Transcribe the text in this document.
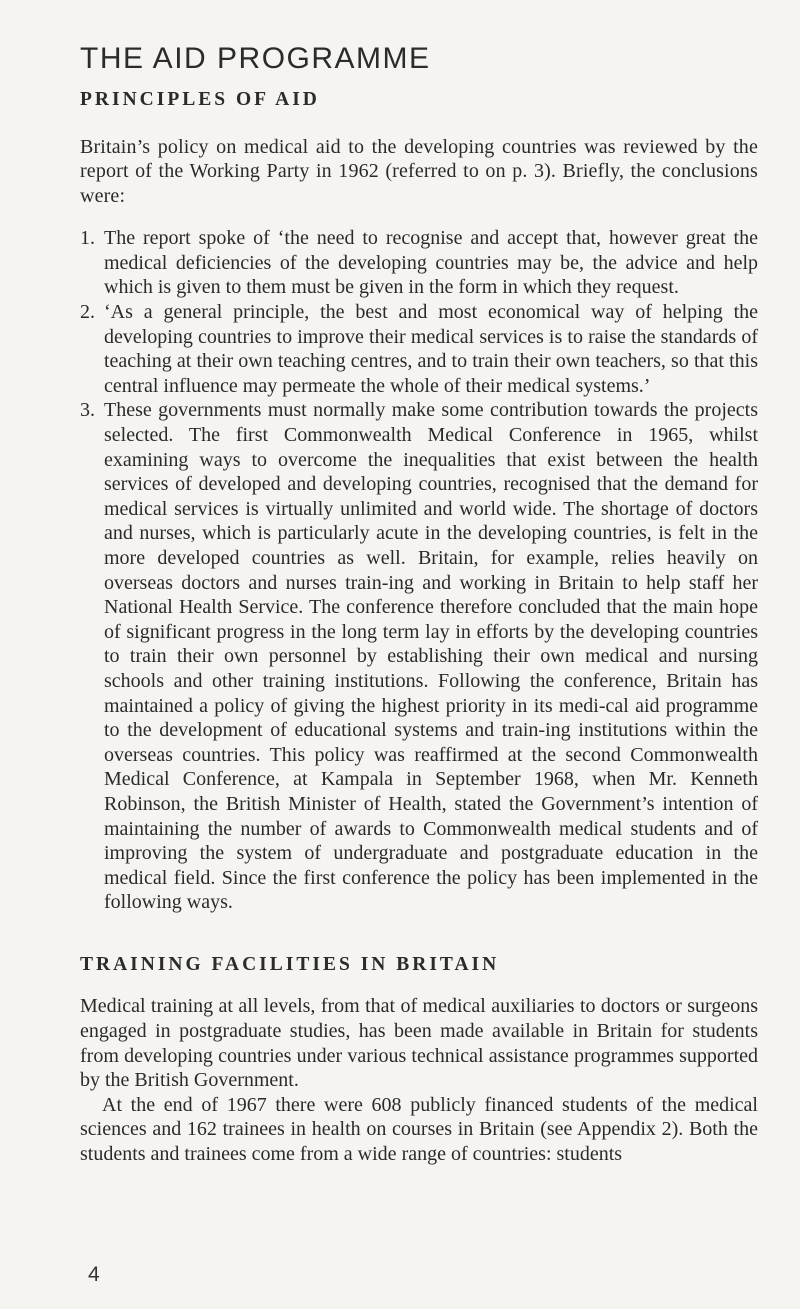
THE AID PROGRAMME
PRINCIPLES OF AID

Britain’s policy on medical aid to the developing countries was reviewed by the report of the Working Party in 1962 (referred to on p. 3). Briefly, the conclusions were:

1. The report spoke of ‘the need to recognise and accept that, however great the medical deficiencies of the developing countries may be, the advice and help which is given to them must be given in the form in which they request.
2. ‘As a general principle, the best and most economical way of helping the developing countries to improve their medical services is to raise the standards of teaching at their own teaching centres, and to train their own teachers, so that this central influence may permeate the whole of their medical systems.’
3. These governments must normally make some contribution towards the projects selected. The first Commonwealth Medical Conference in 1965, whilst examining ways to overcome the inequalities that exist between the health services of developed and developing countries, recognised that the demand for medical services is virtually unlimited and world wide. The shortage of doctors and nurses, which is particularly acute in the developing countries, is felt in the more developed countries as well. Britain, for example, relies heavily on overseas doctors and nurses train-ing and working in Britain to help staff her National Health Service. The conference therefore concluded that the main hope of significant progress in the long term lay in efforts by the developing countries to train their own personnel by establishing their own medical and nursing schools and other training institutions. Following the conference, Britain has maintained a policy of giving the highest priority in its medi-cal aid programme to the development of educational systems and train-ing institutions within the overseas countries. This policy was reaffirmed at the second Commonwealth Medical Conference, at Kampala in September 1968, when Mr. Kenneth Robinson, the British Minister of Health, stated the Government’s intention of maintaining the number of awards to Commonwealth medical students and of improving the system of undergraduate and postgraduate education in the medical field. Since the first conference the policy has been implemented in the following ways.
TRAINING FACILITIES IN BRITAIN

Medical training at all levels, from that of medical auxiliaries to doctors or surgeons engaged in postgraduate studies, has been made available in Britain for students from developing countries under various technical assistance programmes supported by the British Government.

At the end of 1967 there were 608 publicly financed students of the medical sciences and 162 trainees in health on courses in Britain (see Appendix 2). Both the students and trainees come from a wide range of countries: students

4
